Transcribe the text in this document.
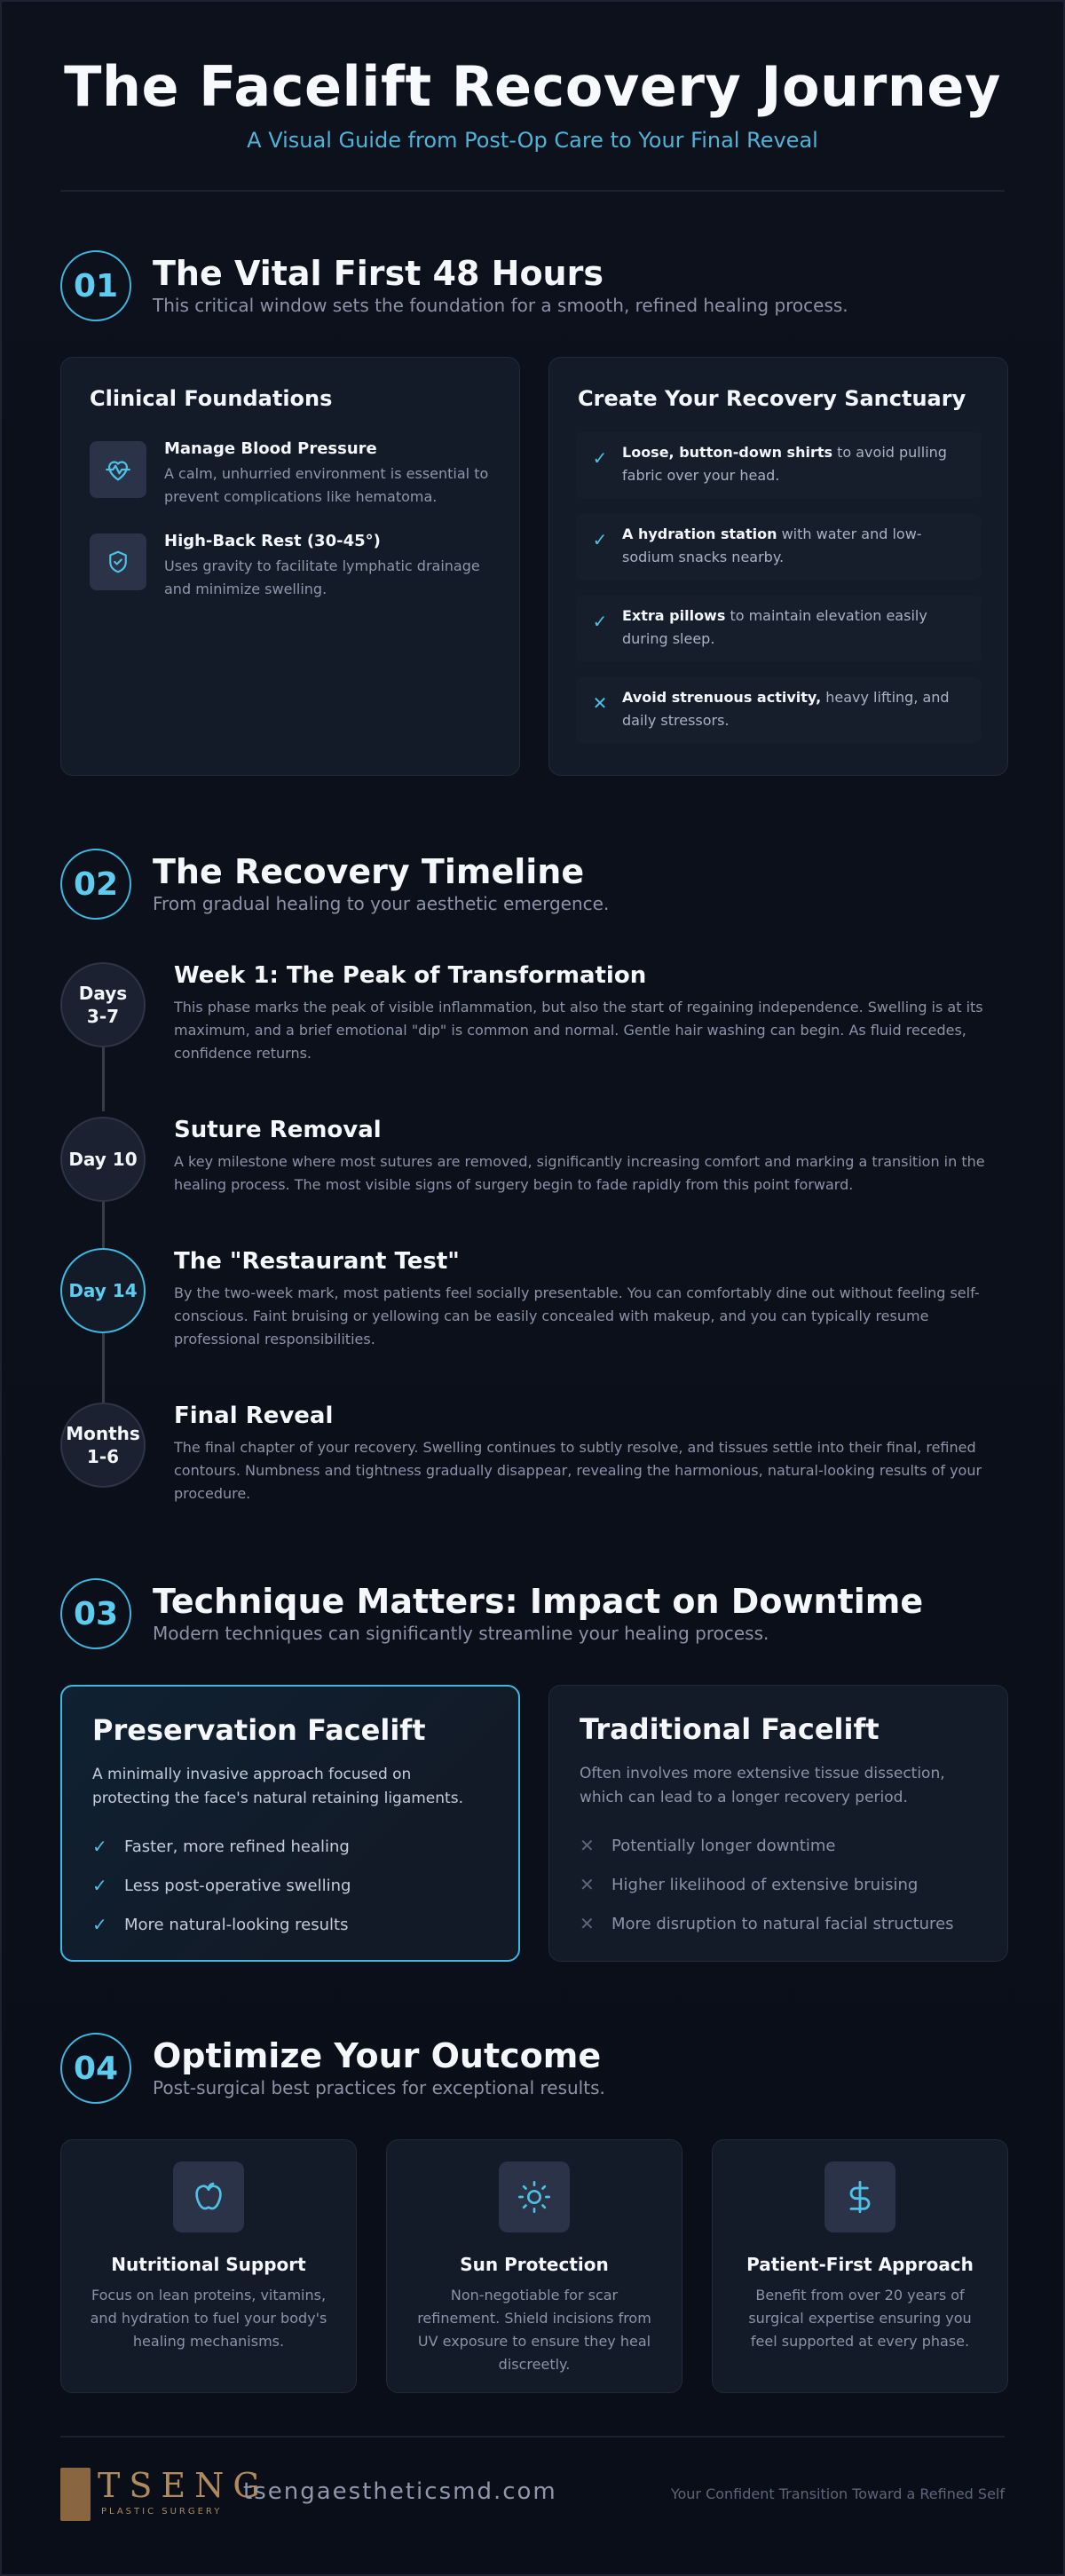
The Facelift Recovery Journey
A Visual Guide from Post-Op Care to Your Final Reveal
01	The Vital First 48 Hours
This critical window sets the foundation for a smooth, refined healing process.
Clinical Foundations
Manage Blood Pressure
A calm, unhurried environment is essential to prevent complications like hematoma.
High-Back Rest (30-45°)
Uses gravity to facilitate lymphatic drainage and minimize swelling.
Create Your Recovery Sanctuary
✓ Loose, button-down shirts to avoid pulling fabric over your head.
✓ A hydration station with water and low-sodium snacks nearby.
✓ Extra pillows to maintain elevation easily during sleep.
✕ Avoid strenuous activity, heavy lifting, and daily stressors.
02	The Recovery Timeline
From gradual healing to your aesthetic emergence.
Days
3-7
Week 1: The Peak of Transformation
This phase marks the peak of visible inflammation, but also the start of regaining independence. Swelling is at its maximum, and a brief emotional "dip" is common and normal. Gentle hair washing can begin. As fluid recedes, confidence returns.
Day 10
Suture Removal
A key milestone where most sutures are removed, significantly increasing comfort and marking a transition in the healing process. The most visible signs of surgery begin to fade rapidly from this point forward.
Day 14
The "Restaurant Test"
By the two-week mark, most patients feel socially presentable. You can comfortably dine out without feeling self-conscious. Faint bruising or yellowing can be easily concealed with makeup, and you can typically resume professional responsibilities.
Months
1-6
Final Reveal
The final chapter of your recovery. Swelling continues to subtly resolve, and tissues settle into their final, refined contours. Numbness and tightness gradually disappear, revealing the harmonious, natural-looking results of your procedure.
03	Technique Matters: Impact on Downtime
Modern techniques can significantly streamline your healing process.
Preservation Facelift
A minimally invasive approach focused on protecting the face's natural retaining ligaments.
✓	Faster, more refined healing
✓	Less post-operative swelling
✓	More natural-looking results
Traditional Facelift
Often involves more extensive tissue dissection, which can lead to a longer recovery period.
✕	Potentially longer downtime
✕	Higher likelihood of extensive bruising
✕	More disruption to natural facial structures
04	Optimize Your Outcome
Post-surgical best practices for exceptional results.
Nutritional Support
Focus on lean proteins, vitamins, and hydration to fuel your body's healing mechanisms.
Sun Protection
Non-negotiable for scar refinement. Shield incisions from UV exposure to ensure they heal discreetly.
Patient-First Approach
Benefit from over 20 years of surgical expertise ensuring you feel supported at every phase.
TSENG
PLASTIC SURGERY
tsengaestheticsmd.com	Your Confident Transition Toward a Refined Self
